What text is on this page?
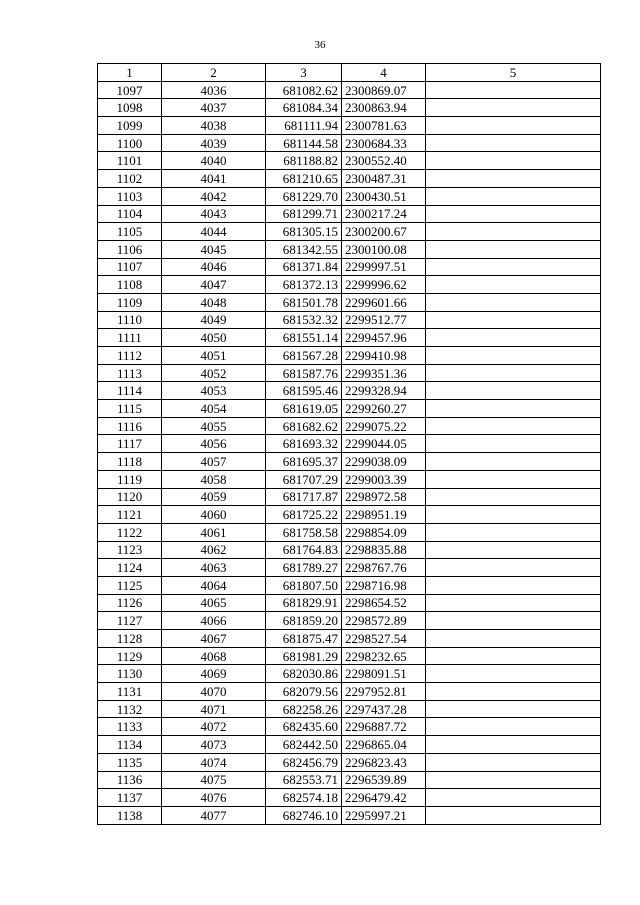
36
1	2	3	4	5
1097	4036	681082.62	2300869.07	
1098	4037	681084.34	2300863.94	
1099	4038	681111.94	2300781.63	
1100	4039	681144.58	2300684.33	
1101	4040	681188.82	2300552.40	
1102	4041	681210.65	2300487.31	
1103	4042	681229.70	2300430.51	
1104	4043	681299.71	2300217.24	
1105	4044	681305.15	2300200.67	
1106	4045	681342.55	2300100.08	
1107	4046	681371.84	2299997.51	
1108	4047	681372.13	2299996.62	
1109	4048	681501.78	2299601.66	
1110	4049	681532.32	2299512.77	
1111	4050	681551.14	2299457.96	
1112	4051	681567.28	2299410.98	
1113	4052	681587.76	2299351.36	
1114	4053	681595.46	2299328.94	
1115	4054	681619.05	2299260.27	
1116	4055	681682.62	2299075.22	
1117	4056	681693.32	2299044.05	
1118	4057	681695.37	2299038.09	
1119	4058	681707.29	2299003.39	
1120	4059	681717.87	2298972.58	
1121	4060	681725.22	2298951.19	
1122	4061	681758.58	2298854.09	
1123	4062	681764.83	2298835.88	
1124	4063	681789.27	2298767.76	
1125	4064	681807.50	2298716.98	
1126	4065	681829.91	2298654.52	
1127	4066	681859.20	2298572.89	
1128	4067	681875.47	2298527.54	
1129	4068	681981.29	2298232.65	
1130	4069	682030.86	2298091.51	
1131	4070	682079.56	2297952.81	
1132	4071	682258.26	2297437.28	
1133	4072	682435.60	2296887.72	
1134	4073	682442.50	2296865.04	
1135	4074	682456.79	2296823.43	
1136	4075	682553.71	2296539.89	
1137	4076	682574.18	2296479.42	
1138	4077	682746.10	2295997.21	
